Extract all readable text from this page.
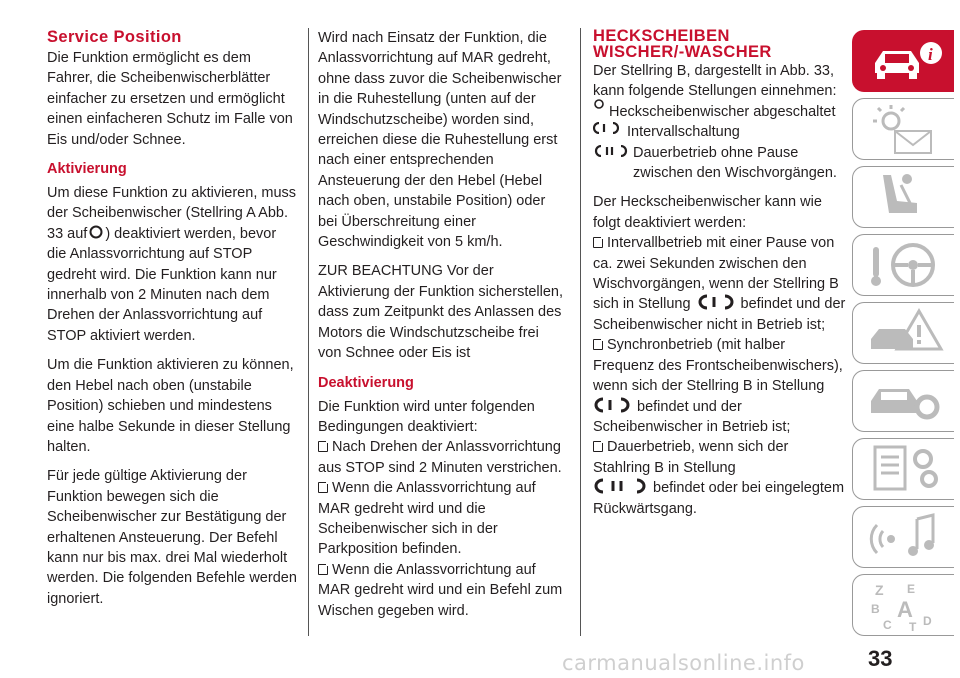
Service Position

Die Funktion ermöglicht es dem Fahrer, die Scheibenwischerblätter einfacher zu ersetzen und ermöglicht einen einfacheren Schutz im Falle von Eis und/oder Schnee.

Aktivierung

Um diese Funktion zu aktivieren, muss der Scheibenwischer (Stellring A Abb. 33 auf ) deaktiviert werden, bevor die Anlassvorrichtung auf STOP gedreht wird. Die Funktion kann nur innerhalb von 2 Minuten nach dem Drehen der Anlassvorrichtung auf STOP aktiviert werden.

Um die Funktion aktivieren zu können, den Hebel nach oben (unstabile Position) schieben und mindestens eine halbe Sekunde in dieser Stellung halten.

Für jede gültige Aktivierung der Funktion bewegen sich die Scheibenwischer zur Bestätigung der erhaltenen Ansteuerung. Der Befehl kann nur bis max. drei Mal wiederholt werden. Die folgenden Befehle werden ignoriert.

Wird nach Einsatz der Funktion, die Anlassvorrichtung auf MAR gedreht, ohne dass zuvor die Scheibenwischer in die Ruhestellung (unten auf der Windschutzscheibe) worden sind, erreichen diese die Ruhestellung erst nach einer entsprechenden Ansteuerung der den Hebel (Hebel nach oben, unstabile Position) oder bei Überschreitung einer Geschwindigkeit von 5 km/h.

ZUR BEACHTUNG Vor der Aktivierung der Funktion sicherstellen, dass zum Zeitpunkt des Anlassen des Motors die Windschutzscheibe frei von Schnee oder Eis ist

Deaktivierung

Die Funktion wird unter folgenden Bedingungen deaktiviert:

Nach Drehen der Anlassvorrichtung aus STOP sind 2 Minuten verstrichen.
Wenn die Anlassvorrichtung auf MAR gedreht wird und die Scheibenwischer sich in der Parkposition befinden.
Wenn die Anlassvorrichtung auf MAR gedreht wird und ein Befehl zum Wischen gegeben wird.
HECKSCHEIBEN
WISCHER/-WASCHER

Der Stellring B, dargestellt in Abb. 33, kann folgende Stellungen einnehmen:

Heckscheibenwischer abgeschaltet
Intervallschaltung
Dauerbetrieb ohne Pause zwischen den Wischvorgängen.

Der Heckscheibenwischer kann wie folgt deaktiviert werden:

Intervallbetrieb mit einer Pause von ca. zwei Sekunden zwischen den Wischvorgängen, wenn der Stellring B sich in Stellung	befindet und der Scheibenwischer nicht in Betrieb ist;
Synchronbetrieb (mit halber Frequenz des Frontscheibenwischers), wenn sich der Stellring B in Stellung
befindet und der Scheibenwischer in Betrieb ist;
Dauerbetrieb, wenn sich der Stahlring B in Stellung
befindet oder bei eingelegtem Rückwärtsgang.
i
Z E
B A
C T D
carmanualsonline.info	33
